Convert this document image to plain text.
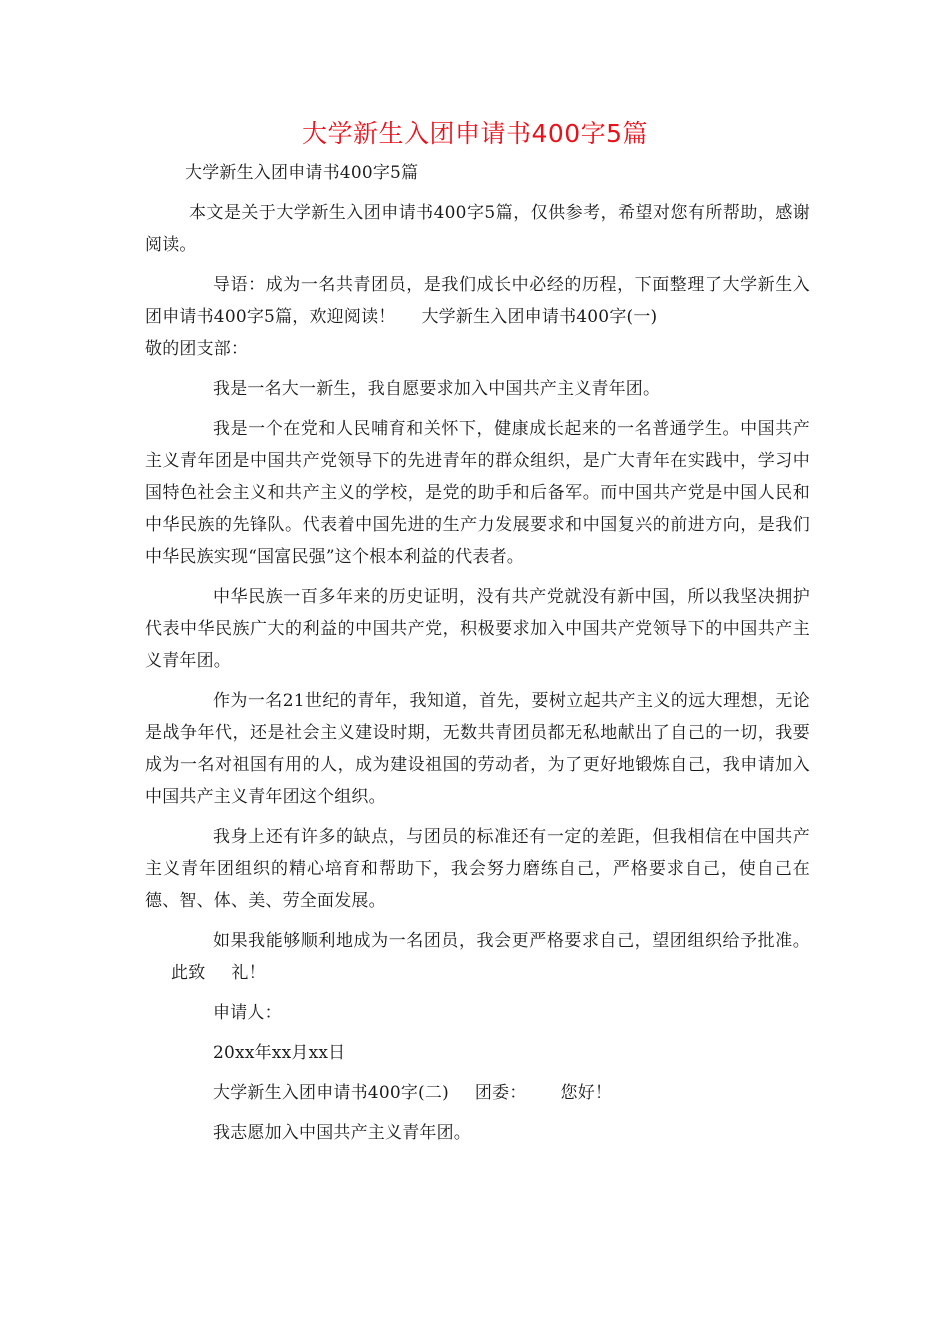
大学新生入团申请书400字5篇

大学新生入团申请书400字5篇

本文是关于大学新生入团申请书400字5篇，仅供参考，希望对您有所帮助，感谢阅读。

导语：成为一名共青团员，是我们成长中必经的历程，下面整理了大学新生入团申请书400字5篇，欢迎阅读！ 大学新生入团申请书400字(一)

敬的团支部：

我是一名大一新生，我自愿要求加入中国共产主义青年团。

我是一个在党和人民哺育和关怀下，健康成长起来的一名普通学生。中国共产主义青年团是中国共产党领导下的先进青年的群众组织，是广大青年在实践中，学习中国特色社会主义和共产主义的学校，是党的助手和后备军。而中国共产党是中国人民和中华民族的先锋队。代表着中国先进的生产力发展要求和中国复兴的前进方向，是我们中华民族实现“国富民强”这个根本利益的代表者。

中华民族一百多年来的历史证明，没有共产党就没有新中国，所以我坚决拥护代表中华民族广大的利益的中国共产党，积极要求加入中国共产党领导下的中国共产主义青年团。

作为一名21世纪的青年，我知道，首先，要树立起共产主义的远大理想，无论是战争年代，还是社会主义建设时期，无数共青团员都无私地献出了自己的一切，我要成为一名对祖国有用的人，成为建设祖国的劳动者，为了更好地锻炼自己，我申请加入中国共产主义青年团这个组织。

我身上还有许多的缺点，与团员的标准还有一定的差距，但我相信在中国共产主义青年团组织的精心培育和帮助下，我会努力磨练自己，严格要求自己，使自己在德、智、体、美、劳全面发展。

如果我能够顺利地成为一名团员，我会更严格要求自己，望团组织给予批准。此致 礼！

申请人：

20xx年xx月xx日

大学新生入团申请书400字(二) 团委： 您好！

我志愿加入中国共产主义青年团。
